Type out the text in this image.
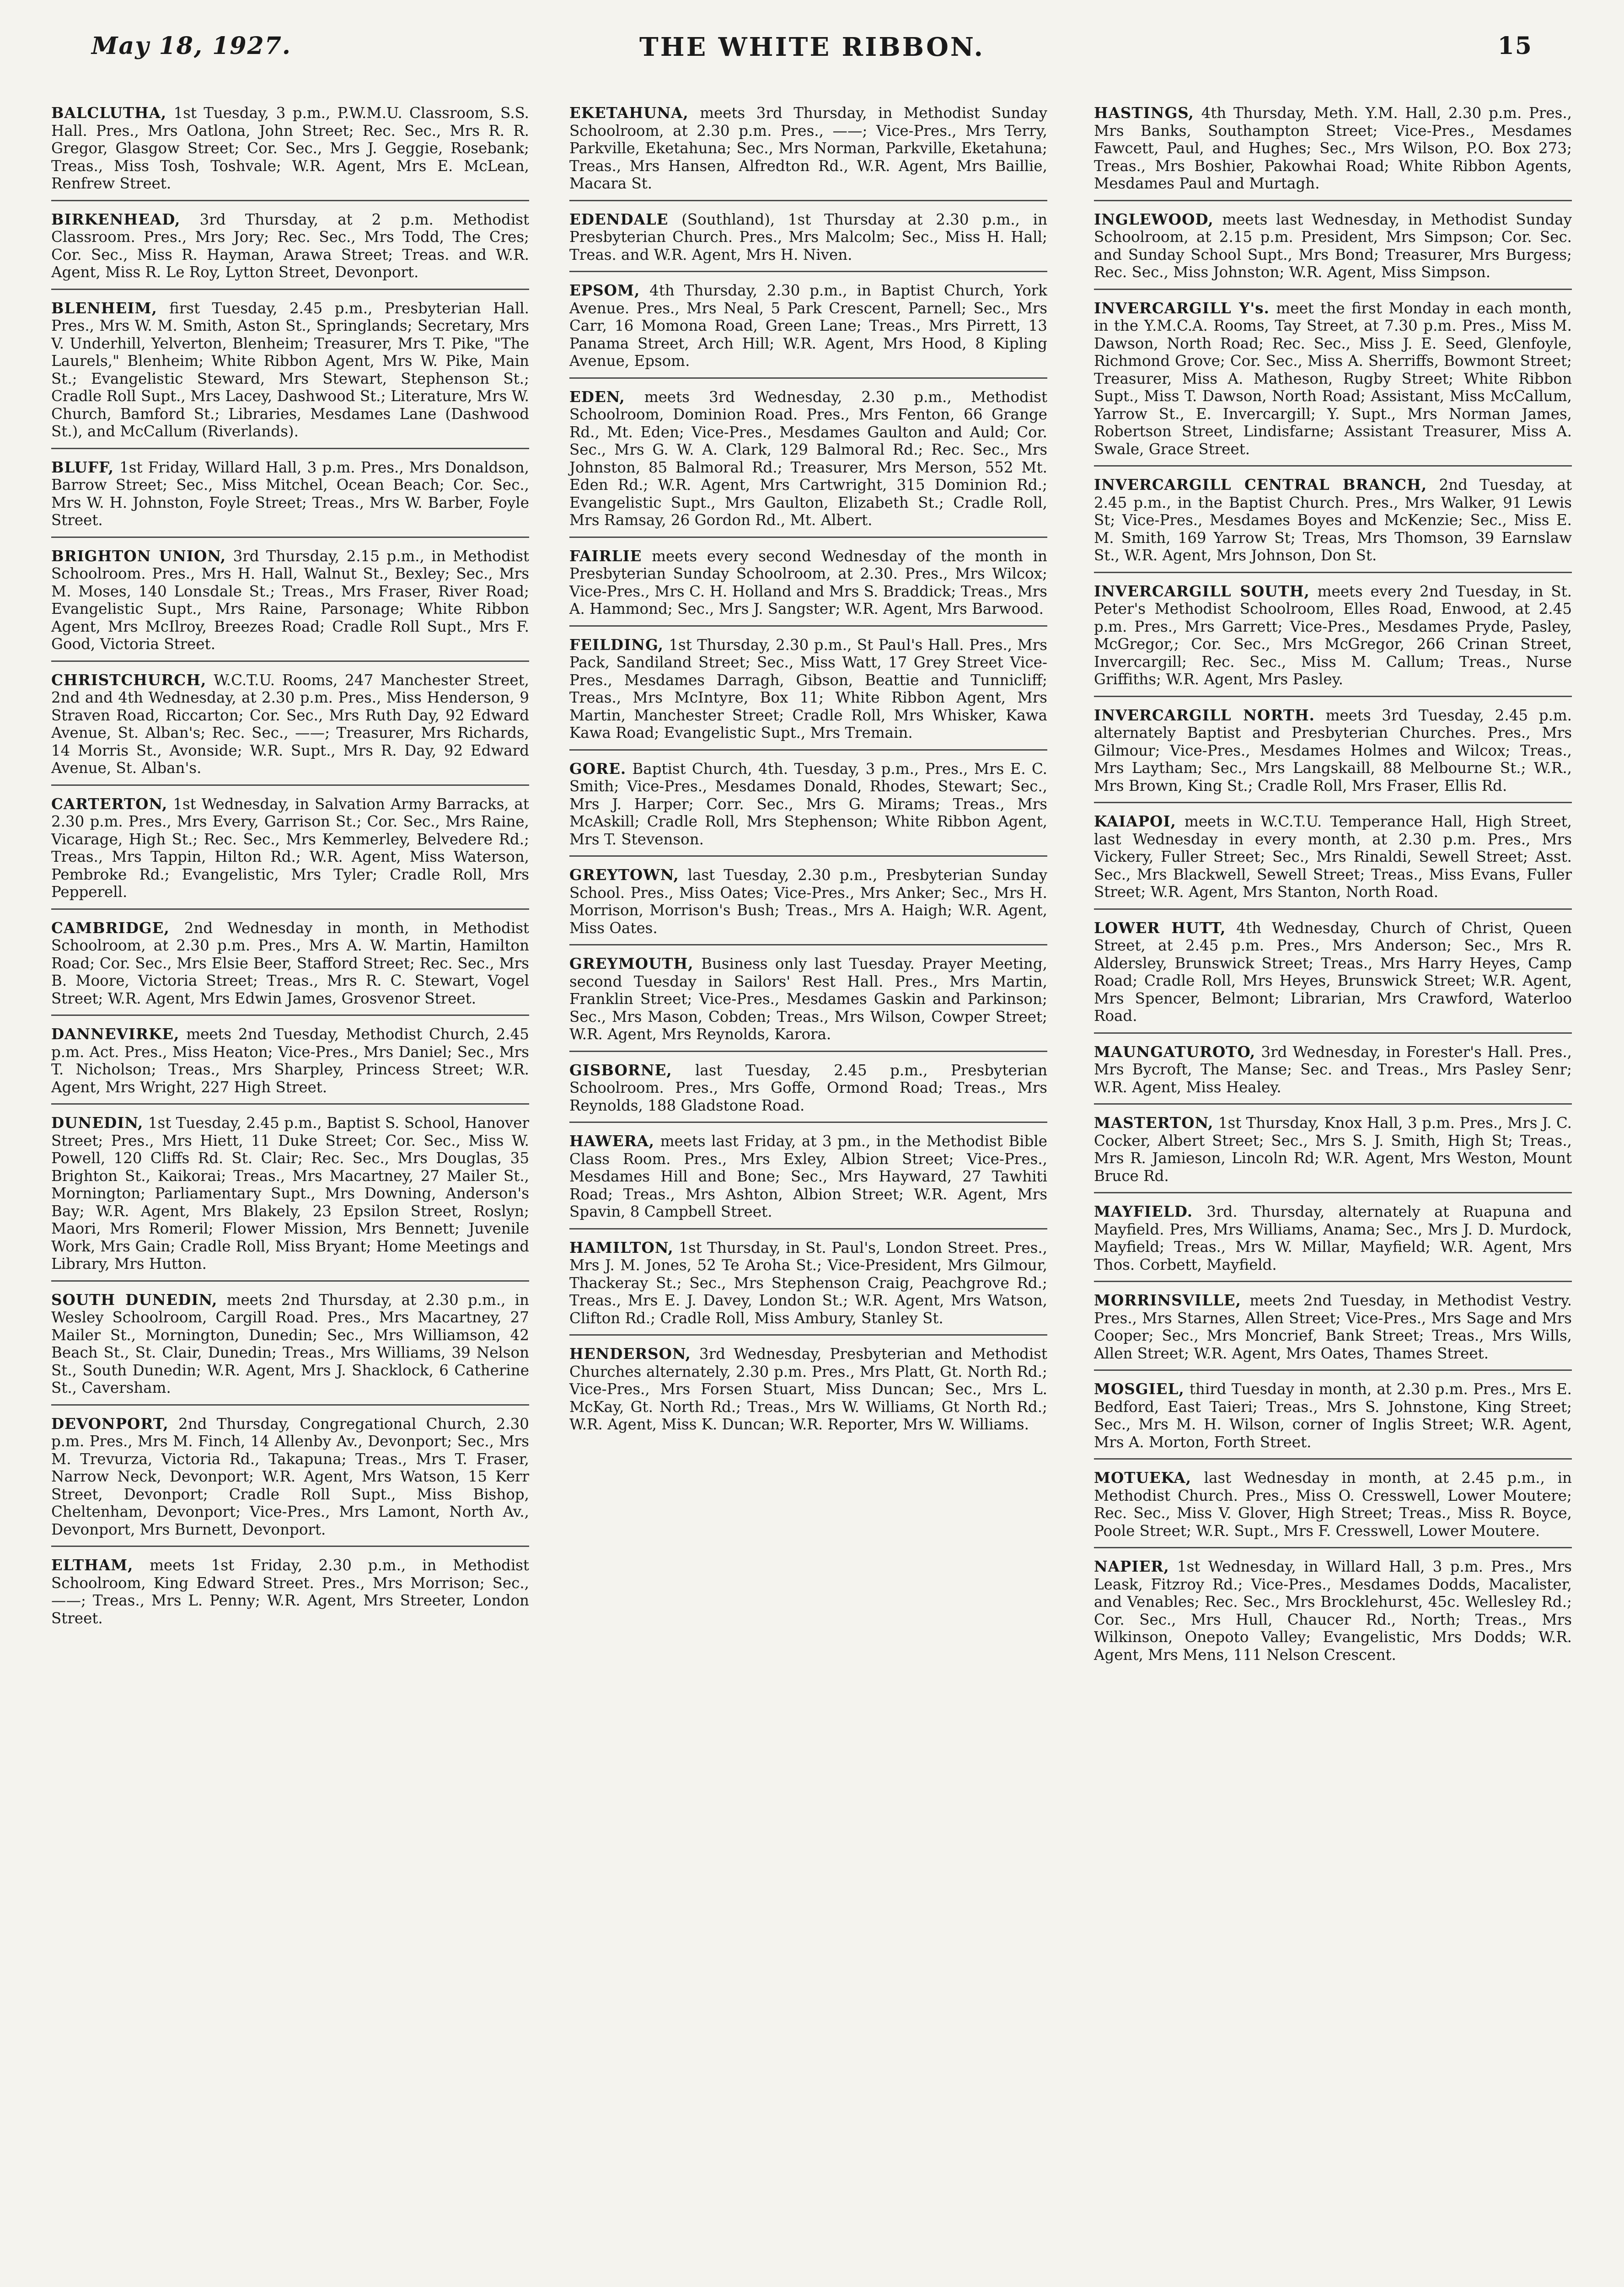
May 18, 1927.	THE WHITE RIBBON.	15

BALCLUTHA, 1st Tuesday, 3 p.m., P.W.M.U. Classroom, S.S. Hall. Pres., Mrs Oatlona, John Street; Rec. Sec., Mrs R. R. Gregor, Glasgow Street; Cor. Sec., Mrs J. Geggie, Rosebank; Treas., Miss Tosh, Toshvale; W.R. Agent, Mrs E. McLean, Renfrew Street.

BIRKENHEAD, 3rd Thursday, at 2 p.m. Methodist Classroom. Pres., Mrs Jory; Rec. Sec., Mrs Todd, The Cres; Cor. Sec., Miss R. Hayman, Arawa Street; Treas. and W.R. Agent, Miss R. Le Roy, Lytton Street, Devonport.

BLENHEIM, first Tuesday, 2.45 p.m., Presbyterian Hall. Pres., Mrs W. M. Smith, Aston St., Springlands; Secretary, Mrs V. Underhill, Yelverton, Blenheim; Treasurer, Mrs T. Pike, "The Laurels," Blenheim; White Ribbon Agent, Mrs W. Pike, Main St.; Evangelistic Steward, Mrs Stewart, Stephenson St.; Cradle Roll Supt., Mrs Lacey, Dashwood St.; Literature, Mrs W. Church, Bamford St.; Libraries, Mesdames Lane (Dashwood St.), and McCallum (Riverlands).

BLUFF, 1st Friday, Willard Hall, 3 p.m. Pres., Mrs Donaldson, Barrow Street; Sec., Miss Mitchel, Ocean Beach; Cor. Sec., Mrs W. H. Johnston, Foyle Street; Treas., Mrs W. Barber, Foyle Street.

BRIGHTON UNION, 3rd Thursday, 2.15 p.m., in Methodist Schoolroom. Pres., Mrs H. Hall, Walnut St., Bexley; Sec., Mrs M. Moses, 140 Lonsdale St.; Treas., Mrs Fraser, River Road; Evangelistic Supt., Mrs Raine, Parsonage; White Ribbon Agent, Mrs McIlroy, Breezes Road; Cradle Roll Supt., Mrs F. Good, Victoria Street.

CHRISTCHURCH, W.C.T.U. Rooms, 247 Manchester Street, 2nd and 4th Wednesday, at 2.30 p.m. Pres., Miss Henderson, 9 Straven Road, Riccarton; Cor. Sec., Mrs Ruth Day, 92 Edward Avenue, St. Alban's; Rec. Sec., ——; Treasurer, Mrs Richards, 14 Morris St., Avonside; W.R. Supt., Mrs R. Day, 92 Edward Avenue, St. Alban's.

CARTERTON, 1st Wednesday, in Salvation Army Barracks, at 2.30 p.m. Pres., Mrs Every, Garrison St.; Cor. Sec., Mrs Raine, Vicarage, High St.; Rec. Sec., Mrs Kemmerley, Belvedere Rd.; Treas., Mrs Tappin, Hilton Rd.; W.R. Agent, Miss Waterson, Pembroke Rd.; Evangelistic, Mrs Tyler; Cradle Roll, Mrs Pepperell.

CAMBRIDGE, 2nd Wednesday in month, in Methodist Schoolroom, at 2.30 p.m. Pres., Mrs A. W. Martin, Hamilton Road; Cor. Sec., Mrs Elsie Beer, Stafford Street; Rec. Sec., Mrs B. Moore, Victoria Street; Treas., Mrs R. C. Stewart, Vogel Street; W.R. Agent, Mrs Edwin James, Grosvenor Street.

DANNEVIRKE, meets 2nd Tuesday, Methodist Church, 2.45 p.m. Act. Pres., Miss Heaton; Vice-Pres., Mrs Daniel; Sec., Mrs T. Nicholson; Treas., Mrs Sharpley, Princess Street; W.R. Agent, Mrs Wright, 227 High Street.

DUNEDIN, 1st Tuesday, 2.45 p.m., Baptist S. School, Hanover Street; Pres., Mrs Hiett, 11 Duke Street; Cor. Sec., Miss W. Powell, 120 Cliffs Rd. St. Clair; Rec. Sec., Mrs Douglas, 35 Brighton St., Kaikorai; Treas., Mrs Macartney, 27 Mailer St., Mornington; Parliamentary Supt., Mrs Downing, Anderson's Bay; W.R. Agent, Mrs Blakely, 23 Epsilon Street, Roslyn; Maori, Mrs Romeril; Flower Mission, Mrs Bennett; Juvenile Work, Mrs Gain; Cradle Roll, Miss Bryant; Home Meetings and Library, Mrs Hutton.

SOUTH DUNEDIN, meets 2nd Thursday, at 2.30 p.m., in Wesley Schoolroom, Cargill Road. Pres., Mrs Macartney, 27 Mailer St., Mornington, Dunedin; Sec., Mrs Williamson, 42 Beach St., St. Clair, Dunedin; Treas., Mrs Williams, 39 Nelson St., South Dunedin; W.R. Agent, Mrs J. Shacklock, 6 Catherine St., Caversham.

DEVONPORT, 2nd Thursday, Congregational Church, 2.30 p.m. Pres., Mrs M. Finch, 14 Allenby Av., Devonport; Sec., Mrs M. Trevurza, Victoria Rd., Takapuna; Treas., Mrs T. Fraser, Narrow Neck, Devonport; W.R. Agent, Mrs Watson, 15 Kerr Street, Devonport; Cradle Roll Supt., Miss Bishop, Cheltenham, Devonport; Vice-Pres., Mrs Lamont, North Av., Devonport, Mrs Burnett, Devonport.

ELTHAM, meets 1st Friday, 2.30 p.m., in Methodist Schoolroom, King Edward Street. Pres., Mrs Morrison; Sec., ——; Treas., Mrs L. Penny; W.R. Agent, Mrs Streeter, London Street.

EKETAHUNA, meets 3rd Thursday, in Methodist Sunday Schoolroom, at 2.30 p.m. Pres., ——; Vice-Pres., Mrs Terry, Parkville, Eketahuna; Sec., Mrs Norman, Parkville, Eketahuna; Treas., Mrs Hansen, Alfredton Rd., W.R. Agent, Mrs Baillie, Macara St.

EDENDALE (Southland), 1st Thursday at 2.30 p.m., in Presbyterian Church. Pres., Mrs Malcolm; Sec., Miss H. Hall; Treas. and W.R. Agent, Mrs H. Niven.

EPSOM, 4th Thursday, 2.30 p.m., in Baptist Church, York Avenue. Pres., Mrs Neal, 5 Park Crescent, Parnell; Sec., Mrs Carr, 16 Momona Road, Green Lane; Treas., Mrs Pirrett, 13 Panama Street, Arch Hill; W.R. Agent, Mrs Hood, 8 Kipling Avenue, Epsom.

EDEN, meets 3rd Wednesday, 2.30 p.m., Methodist Schoolroom, Dominion Road. Pres., Mrs Fenton, 66 Grange Rd., Mt. Eden; Vice-Pres., Mesdames Gaulton and Auld; Cor. Sec., Mrs G. W. A. Clark, 129 Balmoral Rd.; Rec. Sec., Mrs Johnston, 85 Balmoral Rd.; Treasurer, Mrs Merson, 552 Mt. Eden Rd.; W.R. Agent, Mrs Cartwright, 315 Dominion Rd.; Evangelistic Supt., Mrs Gaulton, Elizabeth St.; Cradle Roll, Mrs Ramsay, 26 Gordon Rd., Mt. Albert.

FAIRLIE meets every second Wednesday of the month in Presbyterian Sunday Schoolroom, at 2.30. Pres., Mrs Wilcox; Vice-Pres., Mrs C. H. Holland and Mrs S. Braddick; Treas., Mrs A. Hammond; Sec., Mrs J. Sangster; W.R. Agent, Mrs Barwood.

FEILDING, 1st Thursday, 2.30 p.m., St Paul's Hall. Pres., Mrs Pack, Sandiland Street; Sec., Miss Watt, 17 Grey Street Vice-Pres., Mesdames Darragh, Gibson, Beattie and Tunnicliff; Treas., Mrs McIntyre, Box 11; White Ribbon Agent, Mrs Martin, Manchester Street; Cradle Roll, Mrs Whisker, Kawa Kawa Road; Evangelistic Supt., Mrs Tremain.

GORE. Baptist Church, 4th. Tuesday, 3 p.m., Pres., Mrs E. C. Smith; Vice-Pres., Mesdames Donald, Rhodes, Stewart; Sec., Mrs J. Harper; Corr. Sec., Mrs G. Mirams; Treas., Mrs McAskill; Cradle Roll, Mrs Stephenson; White Ribbon Agent, Mrs T. Stevenson.

GREYTOWN, last Tuesday, 2.30 p.m., Presbyterian Sunday School. Pres., Miss Oates; Vice-Pres., Mrs Anker; Sec., Mrs H. Morrison, Morrison's Bush; Treas., Mrs A. Haigh; W.R. Agent, Miss Oates.

GREYMOUTH, Business only last Tuesday. Prayer Meeting, second Tuesday in Sailors' Rest Hall. Pres., Mrs Martin, Franklin Street; Vice-Pres., Mesdames Gaskin and Parkinson; Sec., Mrs Mason, Cobden; Treas., Mrs Wilson, Cowper Street; W.R. Agent, Mrs Reynolds, Karora.

GISBORNE, last Tuesday, 2.45 p.m., Presbyterian Schoolroom. Pres., Mrs Goffe, Ormond Road; Treas., Mrs Reynolds, 188 Gladstone Road.

HAWERA, meets last Friday, at 3 pm., in the Methodist Bible Class Room. Pres., Mrs Exley, Albion Street; Vice-Pres., Mesdames Hill and Bone; Sec., Mrs Hayward, 27 Tawhiti Road; Treas., Mrs Ashton, Albion Street; W.R. Agent, Mrs Spavin, 8 Campbell Street.

HAMILTON, 1st Thursday, in St. Paul's, London Street. Pres., Mrs J. M. Jones, 52 Te Aroha St.; Vice-President, Mrs Gilmour, Thackeray St.; Sec., Mrs Stephenson Craig, Peachgrove Rd.; Treas., Mrs E. J. Davey, London St.; W.R. Agent, Mrs Watson, Clifton Rd.; Cradle Roll, Miss Ambury, Stanley St.

HENDERSON, 3rd Wednesday, Presbyterian and Methodist Churches alternately, 2.30 p.m. Pres., Mrs Platt, Gt. North Rd.; Vice-Pres., Mrs Forsen Stuart, Miss Duncan; Sec., Mrs L. McKay, Gt. North Rd.; Treas., Mrs W. Williams, Gt North Rd.; W.R. Agent, Miss K. Duncan; W.R. Reporter, Mrs W. Williams.

HASTINGS, 4th Thursday, Meth. Y.M. Hall, 2.30 p.m. Pres., Mrs Banks, Southampton Street; Vice-Pres., Mesdames Fawcett, Paul, and Hughes; Sec., Mrs Wilson, P.O. Box 273; Treas., Mrs Boshier, Pakowhai Road; White Ribbon Agents, Mesdames Paul and Murtagh.

INGLEWOOD, meets last Wednesday, in Methodist Sunday Schoolroom, at 2.15 p.m. President, Mrs Simpson; Cor. Sec. and Sunday School Supt., Mrs Bond; Treasurer, Mrs Burgess; Rec. Sec., Miss Johnston; W.R. Agent, Miss Simpson.

INVERCARGILL Y's. meet the first Monday in each month, in the Y.M.C.A. Rooms, Tay Street, at 7.30 p.m. Pres., Miss M. Dawson, North Road; Rec. Sec., Miss J. E. Seed, Glenfoyle, Richmond Grove; Cor. Sec., Miss A. Sherriffs, Bowmont Street; Treasurer, Miss A. Matheson, Rugby Street; White Ribbon Supt., Miss T. Dawson, North Road; Assistant, Miss McCallum, Yarrow St., E. Invercargill; Y. Supt., Mrs Norman James, Robertson Street, Lindisfarne; Assistant Treasurer, Miss A. Swale, Grace Street.

INVERCARGILL CENTRAL BRANCH, 2nd Tuesday, at 2.45 p.m., in the Baptist Church. Pres., Mrs Walker, 91 Lewis St; Vice-Pres., Mesdames Boyes and McKenzie; Sec., Miss E. M. Smith, 169 Yarrow St; Treas, Mrs Thomson, 39 Earnslaw St., W.R. Agent, Mrs Johnson, Don St.

INVERCARGILL SOUTH, meets every 2nd Tuesday, in St. Peter's Methodist Schoolroom, Elles Road, Enwood, at 2.45 p.m. Pres., Mrs Garrett; Vice-Pres., Mesdames Pryde, Pasley, McGregor,; Cor. Sec., Mrs McGregor, 266 Crinan Street, Invercargill; Rec. Sec., Miss M. Callum; Treas., Nurse Griffiths; W.R. Agent, Mrs Pasley.

INVERCARGILL NORTH. meets 3rd Tuesday, 2.45 p.m. alternately Baptist and Presbyterian Churches. Pres., Mrs Gilmour; Vice-Pres., Mesdames Holmes and Wilcox; Treas., Mrs Laytham; Sec., Mrs Langskaill, 88 Melbourne St.; W.R., Mrs Brown, King St.; Cradle Roll, Mrs Fraser, Ellis Rd.

KAIAPOI, meets in W.C.T.U. Temperance Hall, High Street, last Wednesday in every month, at 2.30 p.m. Pres., Mrs Vickery, Fuller Street; Sec., Mrs Rinaldi, Sewell Street; Asst. Sec., Mrs Blackwell, Sewell Street; Treas., Miss Evans, Fuller Street; W.R. Agent, Mrs Stanton, North Road.

LOWER HUTT, 4th Wednesday, Church of Christ, Queen Street, at 2.45 p.m. Pres., Mrs Anderson; Sec., Mrs R. Aldersley, Brunswick Street; Treas., Mrs Harry Heyes, Camp Road; Cradle Roll, Mrs Heyes, Brunswick Street; W.R. Agent, Mrs Spencer, Belmont; Librarian, Mrs Crawford, Waterloo Road.

MAUNGATUROTO, 3rd Wednesday, in Forester's Hall. Pres., Mrs Bycroft, The Manse; Sec. and Treas., Mrs Pasley Senr; W.R. Agent, Miss Healey.

MASTERTON, 1st Thursday, Knox Hall, 3 p.m. Pres., Mrs J. C. Cocker, Albert Street; Sec., Mrs S. J. Smith, High St; Treas., Mrs R. Jamieson, Lincoln Rd; W.R. Agent, Mrs Weston, Mount Bruce Rd.

MAYFIELD. 3rd. Thursday, alternately at Ruapuna and Mayfield. Pres, Mrs Williams, Anama; Sec., Mrs J. D. Murdock, Mayfield; Treas., Mrs W. Millar, Mayfield; W.R. Agent, Mrs Thos. Corbett, Mayfield.

MORRINSVILLE, meets 2nd Tuesday, in Methodist Vestry. Pres., Mrs Starnes, Allen Street; Vice-Pres., Mrs Sage and Mrs Cooper; Sec., Mrs Moncrief, Bank Street; Treas., Mrs Wills, Allen Street; W.R. Agent, Mrs Oates, Thames Street.

MOSGIEL, third Tuesday in month, at 2.30 p.m. Pres., Mrs E. Bedford, East Taieri; Treas., Mrs S. Johnstone, King Street; Sec., Mrs M. H. Wilson, corner of Inglis Street; W.R. Agent, Mrs A. Morton, Forth Street.

MOTUEKA, last Wednesday in month, at 2.45 p.m., in Methodist Church. Pres., Miss O. Cresswell, Lower Moutere; Rec. Sec., Miss V. Glover, High Street; Treas., Miss R. Boyce, Poole Street; W.R. Supt., Mrs F. Cresswell, Lower Moutere.

NAPIER, 1st Wednesday, in Willard Hall, 3 p.m. Pres., Mrs Leask, Fitzroy Rd.; Vice-Pres., Mesdames Dodds, Macalister, and Venables; Rec. Sec., Mrs Brocklehurst, 45c. Wellesley Rd.; Cor. Sec., Mrs Hull, Chaucer Rd., North; Treas., Mrs Wilkinson, Onepoto Valley; Evangelistic, Mrs Dodds; W.R. Agent, Mrs Mens, 111 Nelson Crescent.
